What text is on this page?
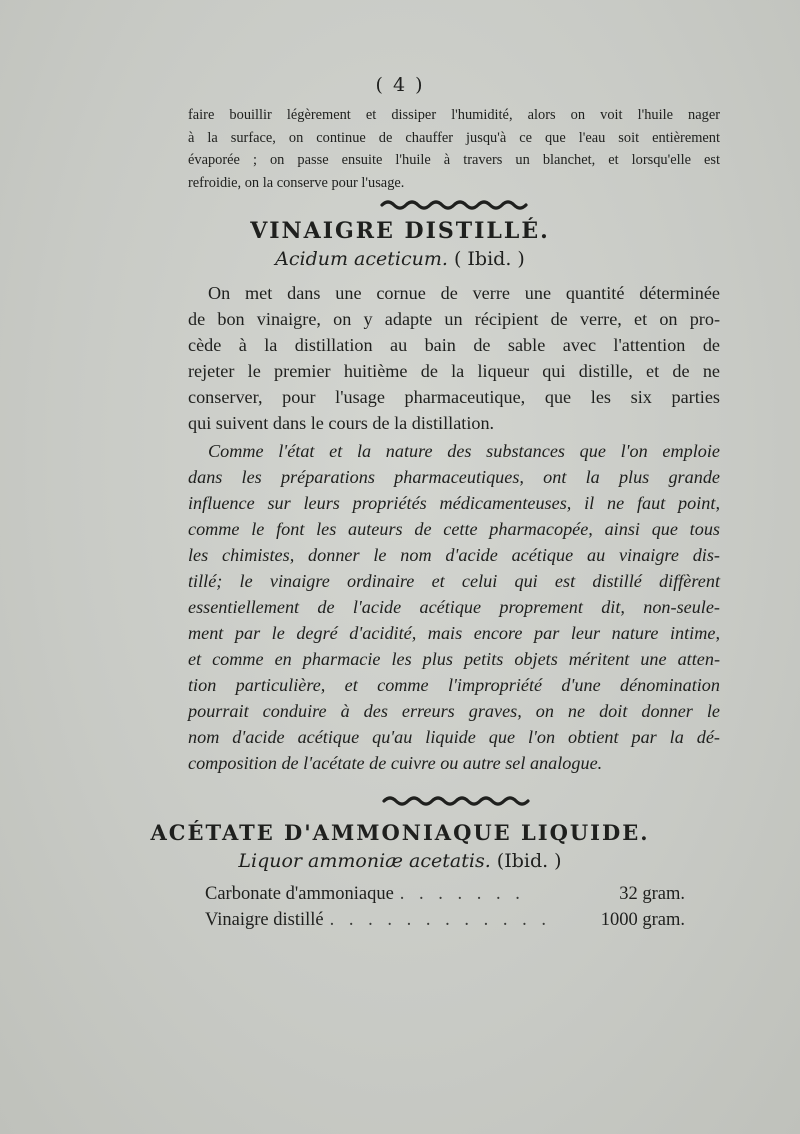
( 4 )
faire bouillir légèrement et dissiper l'humidité, alors on voit l'huile nager
à la surface, on continue de chauffer jusqu'à ce que l'eau soit entièrement
évaporée ; on passe ensuite l'huile à travers un blanchet, et lorsqu'elle est
refroidie, on la conserve pour l'usage.
VINAIGRE DISTILLÉ.
Acidum aceticum. ( Ibid. )
On met dans une cornue de verre une quantité déterminée
de bon vinaigre, on y adapte un récipient de verre, et on pro-
cède à la distillation au bain de sable avec l'attention de
rejeter le premier huitième de la liqueur qui distille, et de ne
conserver, pour l'usage pharmaceutique, que les six parties
qui suivent dans le cours de la distillation.
Comme l'état et la nature des substances que l'on emploie
dans les préparations pharmaceutiques, ont la plus grande
influence sur leurs propriétés médicamenteuses, il ne faut point,
comme le font les auteurs de cette pharmacopée, ainsi que tous
les chimistes, donner le nom d'acide acétique au vinaigre dis-
tillé; le vinaigre ordinaire et celui qui est distillé diffèrent
essentiellement de l'acide acétique proprement dit, non-seule-
ment par le degré d'acidité, mais encore par leur nature intime,
et comme en pharmacie les plus petits objets méritent une atten-
tion particulière, et comme l'impropriété d'une dénomination
pourrait conduire à des erreurs graves, on ne doit donner le
nom d'acide acétique qu'au liquide que l'on obtient par la dé-
composition de l'acétate de cuivre ou autre sel analogue.
ACÉTATE D'AMMONIAQUE LIQUIDE.
Liquor ammoniæ acetatis. (Ibid. )
Carbonate d'ammoniaque . . . . . . .	32 gram.
Vinaigre distillé . . . . . . . . . . . .	1000 gram.
